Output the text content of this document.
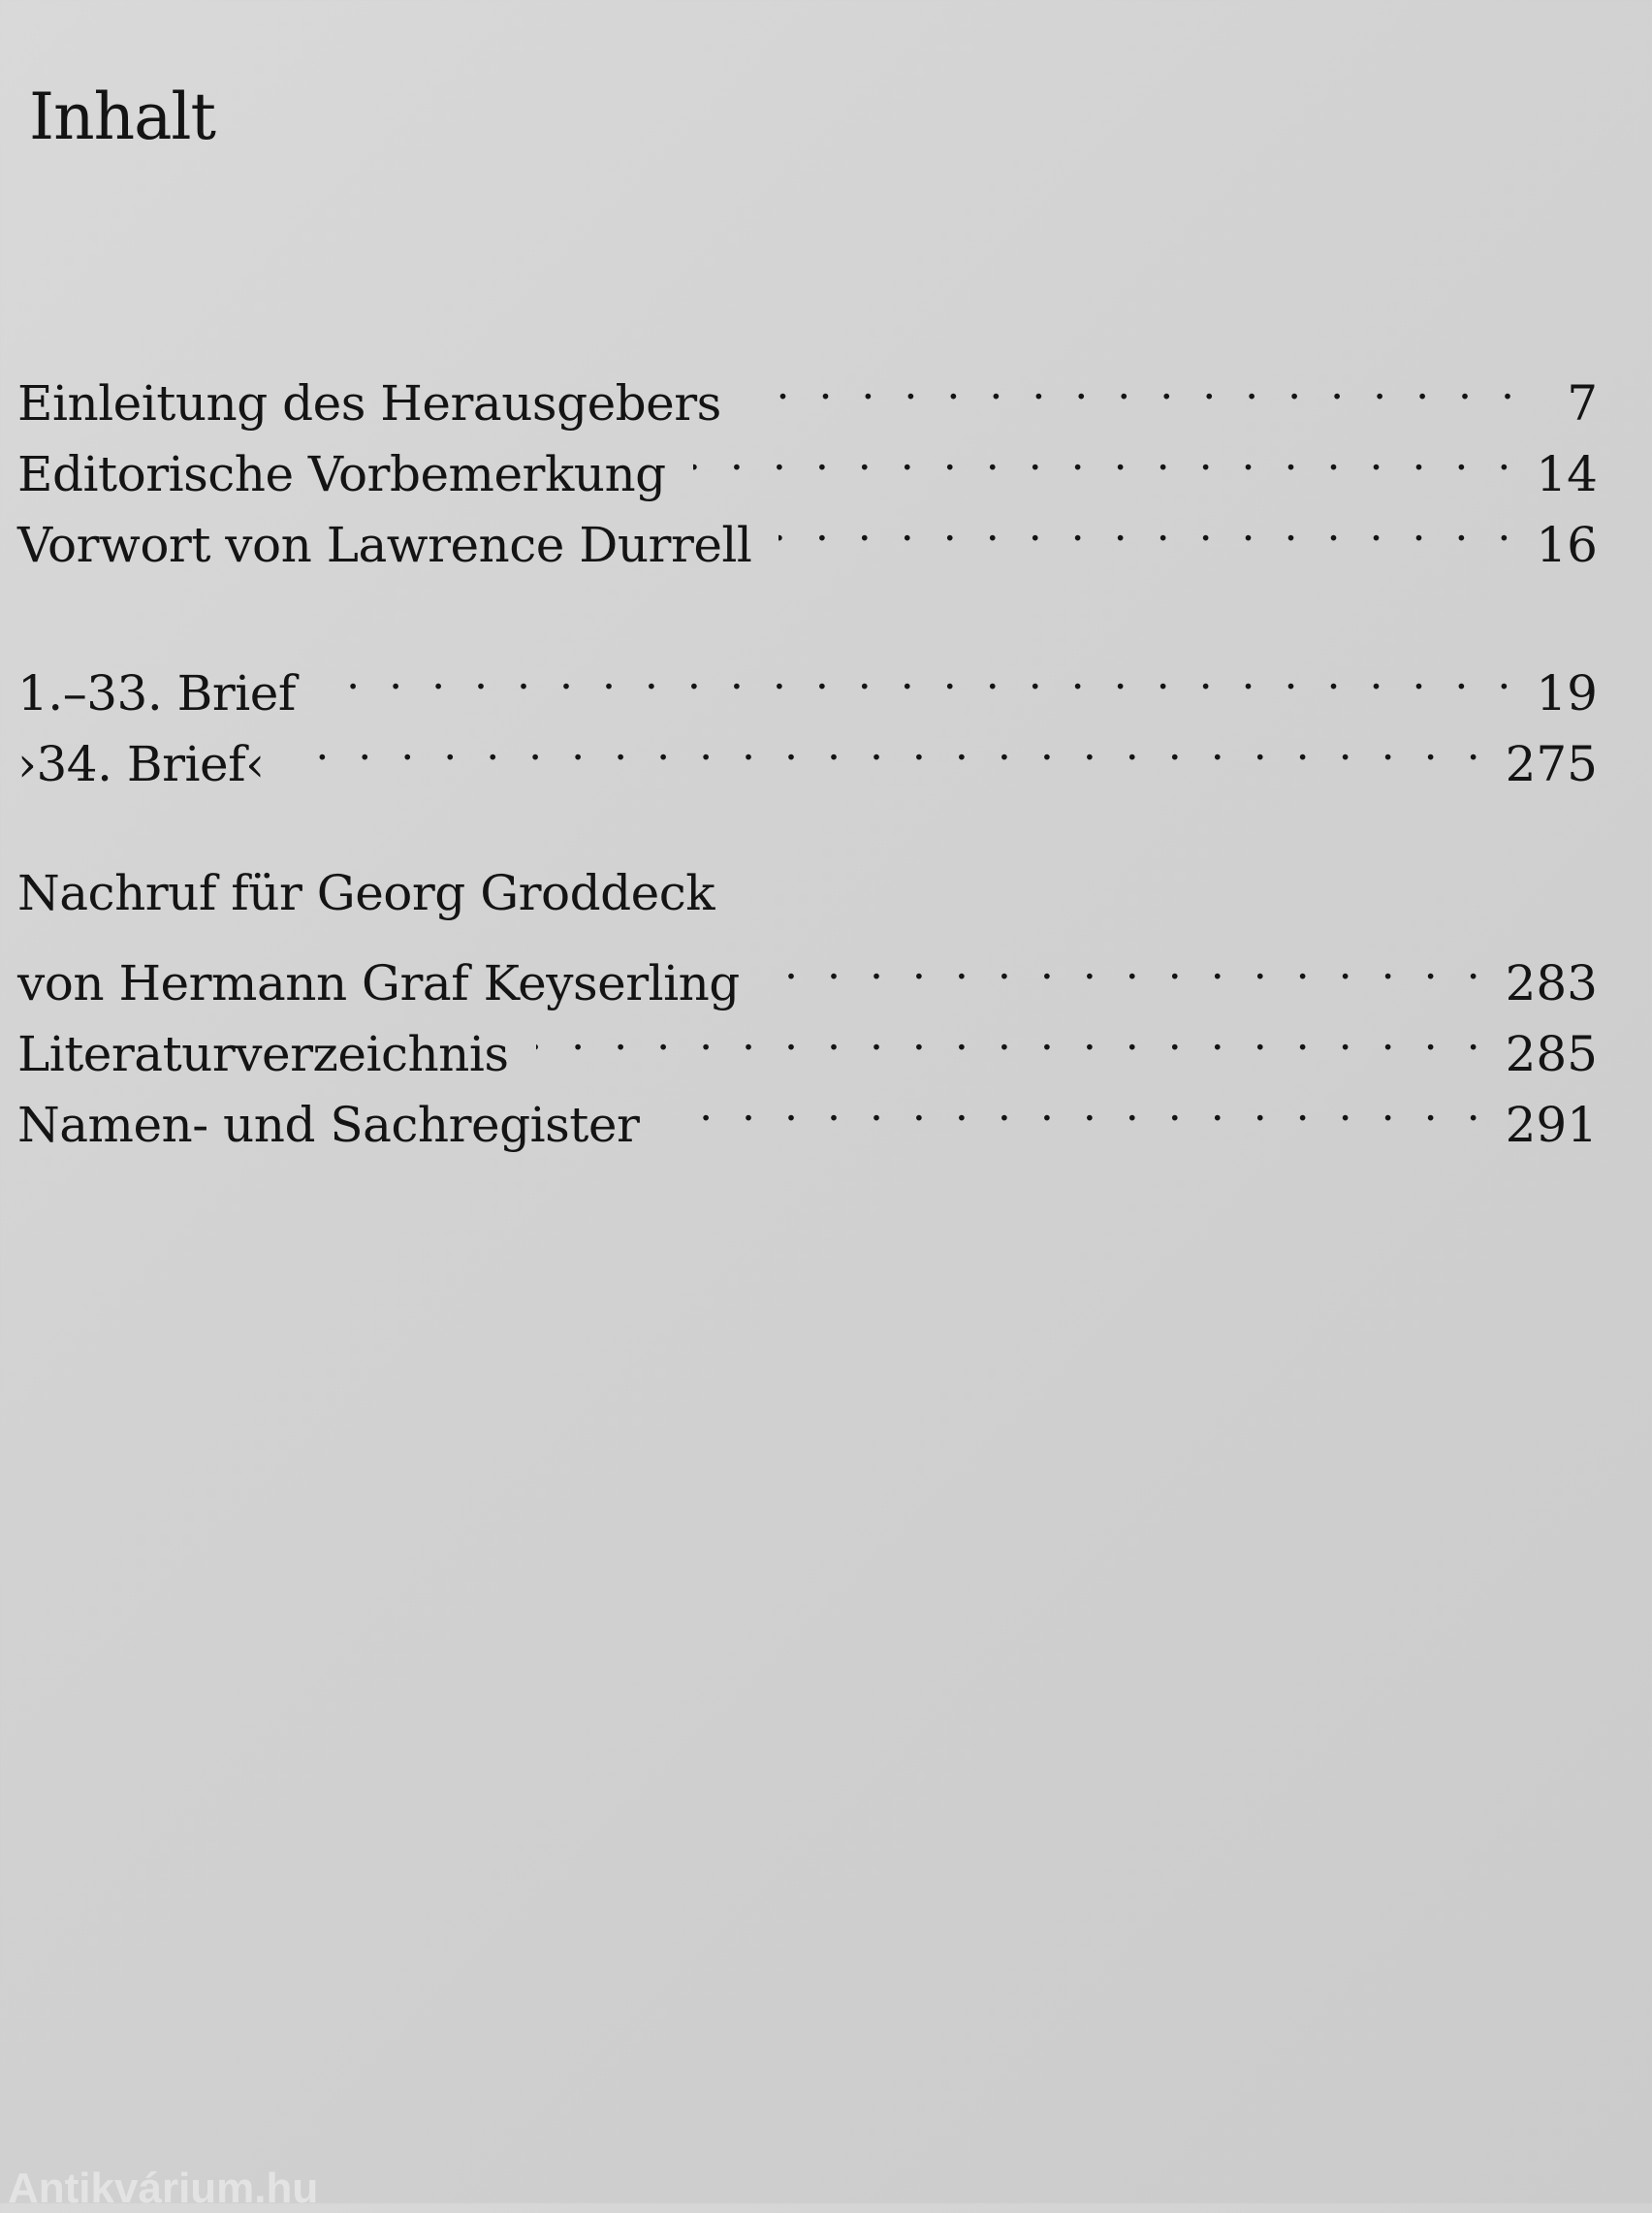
Inhalt
Einleitung des Herausgebers . . .	7
Editorische Vorbemerkung . . .	14
Vorwort von Lawrence Durrell . . .	16
1.–33. Brief . . .	19
›34. Brief‹ . . .	275
Nachruf für Georg Groddeck
von Hermann Graf Keyserling . . .	283
Literaturverzeichnis . . .	285
Namen- und Sachregister . . .	291
Antikvárium.hu
